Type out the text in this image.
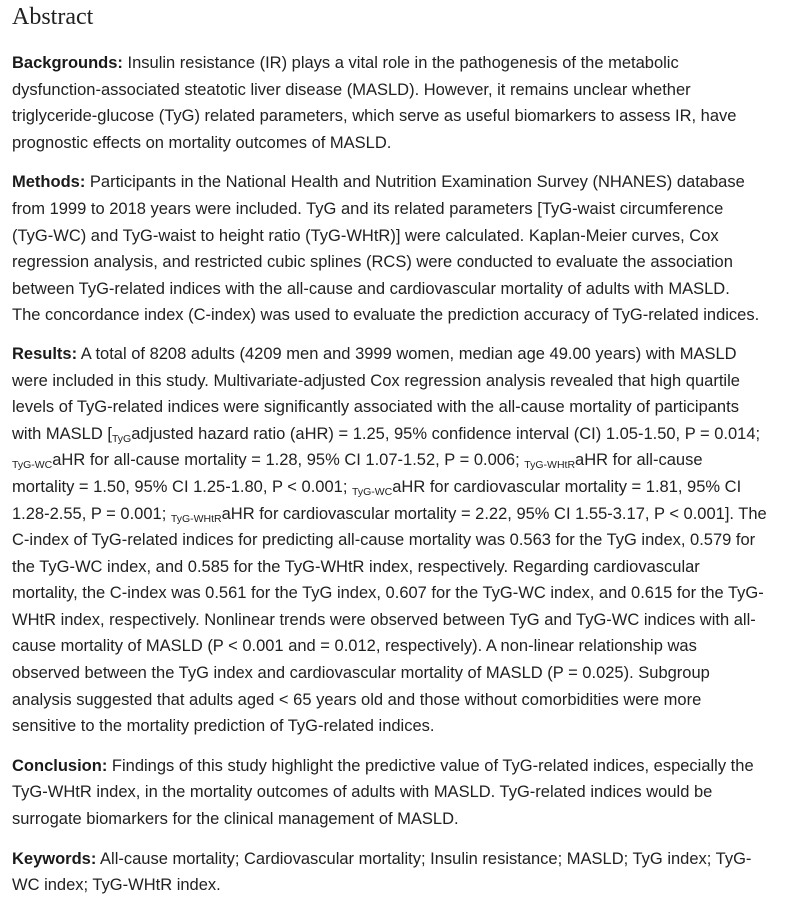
Abstract

Backgrounds: Insulin resistance (IR) plays a vital role in the pathogenesis of the metabolic
dysfunction-associated steatotic liver disease (MASLD). However, it remains unclear whether
triglyceride-glucose (TyG) related parameters, which serve as useful biomarkers to assess IR, have
prognostic effects on mortality outcomes of MASLD.

Methods: Participants in the National Health and Nutrition Examination Survey (NHANES) database
from 1999 to 2018 years were included. TyG and its related parameters [TyG-waist circumference
(TyG-WC) and TyG-waist to height ratio (TyG-WHtR)] were calculated. Kaplan-Meier curves, Cox
regression analysis, and restricted cubic splines (RCS) were conducted to evaluate the association
between TyG-related indices with the all-cause and cardiovascular mortality of adults with MASLD.
The concordance index (C-index) was used to evaluate the prediction accuracy of TyG-related indices.

Results: A total of 8208 adults (4209 men and 3999 women, median age 49.00 years) with MASLD
were included in this study. Multivariate-adjusted Cox regression analysis revealed that high quartile
levels of TyG-related indices were significantly associated with the all-cause mortality of participants
with MASLD [$_{TyG}adjusted$ hazard ratio (aHR) = 1.25, 95% confidence interval (CI) 1.05-1.50, P = 0.014;
$_{TyG-WC}$aHR for all-cause mortality = 1.28, 95% CI 1.07-1.52, P = 0.006; $_{TyG-WHtR}$aHR for all-cause
mortality = 1.50, 95% CI 1.25-1.80, P < 0.001; $_{TyG-WC}$aHR for cardiovascular mortality = 1.81, 95% CI
1.28-2.55, P = 0.001; $_{TyG-WHtR}$aHR for cardiovascular mortality = 2.22, 95% CI 1.55-3.17, P < 0.001]. The
C-index of TyG-related indices for predicting all-cause mortality was 0.563 for the TyG index, 0.579 for
the TyG-WC index, and 0.585 for the TyG-WHtR index, respectively. Regarding cardiovascular
mortality, the C-index was 0.561 for the TyG index, 0.607 for the TyG-WC index, and 0.615 for the TyG-
WHtR index, respectively. Nonlinear trends were observed between TyG and TyG-WC indices with all-
cause mortality of MASLD (P < 0.001 and = 0.012, respectively). A non-linear relationship was
observed between the TyG index and cardiovascular mortality of MASLD (P = 0.025). Subgroup
analysis suggested that adults aged < 65 years old and those without comorbidities were more
sensitive to the mortality prediction of TyG-related indices.

Conclusion: Findings of this study highlight the predictive value of TyG-related indices, especially the
TyG-WHtR index, in the mortality outcomes of adults with MASLD. TyG-related indices would be
surrogate biomarkers for the clinical management of MASLD.

Keywords: All-cause mortality; Cardiovascular mortality; Insulin resistance; MASLD; TyG index; TyG-
WC index; TyG-WHtR index.
